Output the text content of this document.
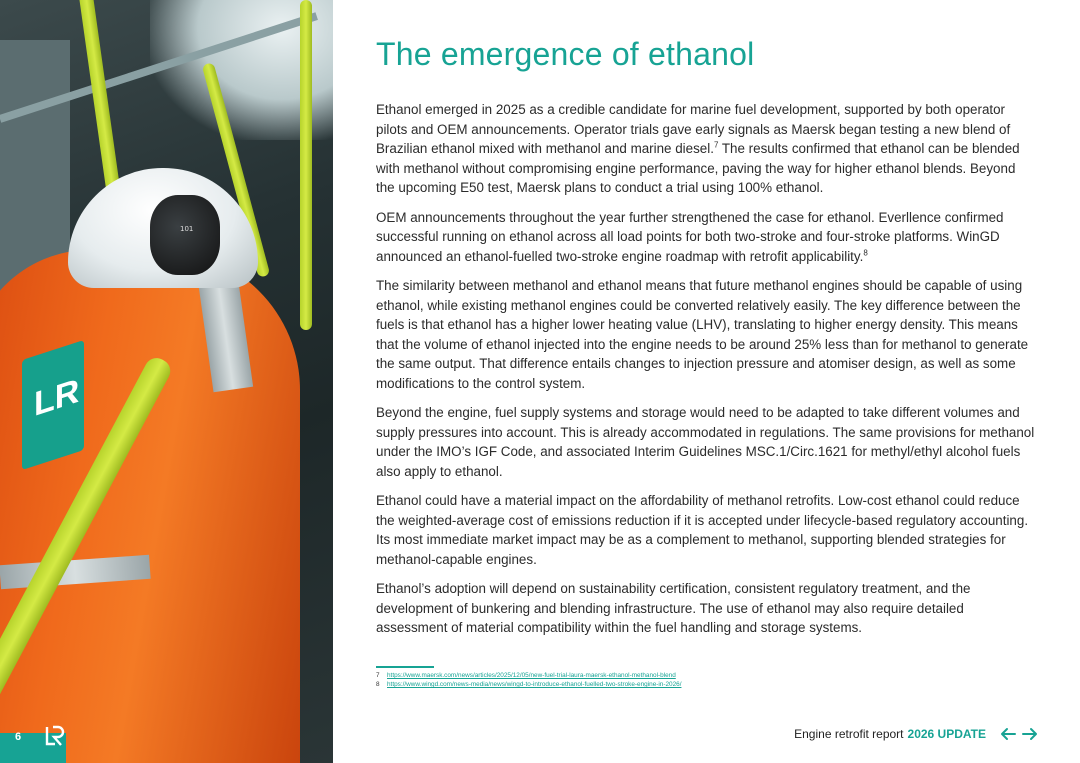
101
LR
6
The emergence of ethanol

Ethanol emerged in 2025 as a credible candidate for marine fuel development, supported by both operator pilots and OEM announcements. Operator trials gave early signals as Maersk began testing a new blend of Brazilian ethanol mixed with methanol and marine diesel.$^7$ The results confirmed that ethanol can be blended with methanol without compromising engine performance, paving the way for higher ethanol blends. Beyond the upcoming E50 test, Maersk plans to conduct a trial using 100% ethanol.

OEM announcements throughout the year further strengthened the case for ethanol. Everllence confirmed successful running on ethanol across all load points for both two-stroke and four-stroke platforms. WinGD announced an ethanol-fuelled two-stroke engine roadmap with retrofit applicability.$^8$

The similarity between methanol and ethanol means that future methanol engines should be capable of using ethanol, while existing methanol engines could be converted relatively easily. The key difference between the fuels is that ethanol has a higher lower heating value (LHV), translating to higher energy density. This means that the volume of ethanol injected into the engine needs to be around 25% less than for methanol to generate the same output. That difference entails changes to injection pressure and atomiser design, as well as some modifications to the control system.

Beyond the engine, fuel supply systems and storage would need to be adapted to take different volumes and supply pressures into account. This is already accommodated in regulations. The same provisions for methanol under the IMO’s IGF Code, and associated Interim Guidelines MSC.1/Circ.1621 for methyl/ethyl alcohol fuels also apply to ethanol.

Ethanol could have a material impact on the affordability of methanol retrofits. Low-cost ethanol could reduce the weighted-average cost of emissions reduction if it is accepted under lifecycle-based regulatory accounting. Its most immediate market impact may be as a complement to methanol, supporting blended strategies for methanol-capable engines.

Ethanol’s adoption will depend on sustainability certification, consistent regulatory treatment, and the development of bunkering and blending infrastructure. The use of ethanol may also require detailed assessment of material compatibility within the fuel handling and storage systems.

7 https://www.maersk.com/news/articles/2025/12/05/new-fuel-trial-laura-maersk-ethanol-methanol-blend
8 https://www.wingd.com/news-media/news/wingd-to-introduce-ethanol-fuelled-two-stroke-engine-in-2026/
Engine retrofit report 2026 UPDATE
